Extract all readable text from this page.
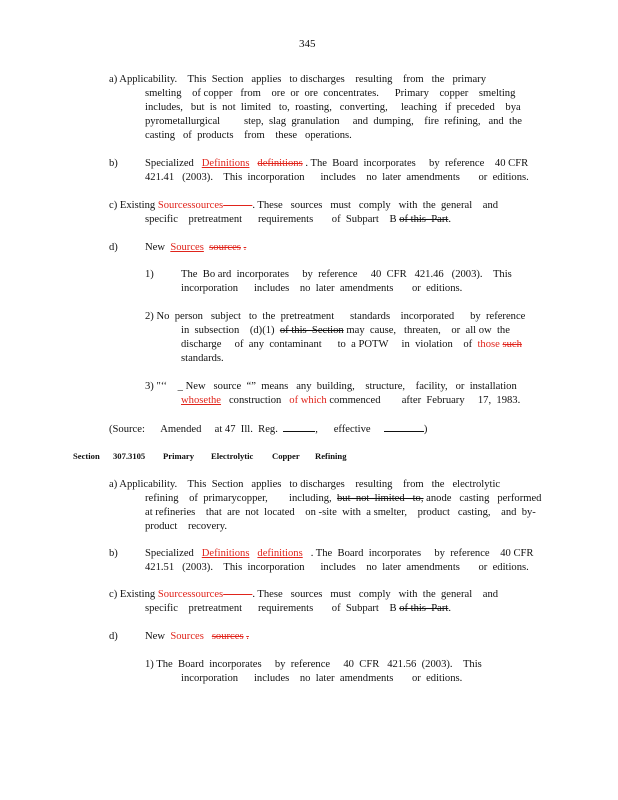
345
a) Applicability.    This  Section   applies   to discharges    resulting    from   the   primary
smelting    of copper   from    ore  or  ore  concentrates.      Primary    copper    smelting
includes,   but  is  not  limited   to,  roasting,   converting,     leaching   if  preceded    bya
pyrometallurgical         step,  slag  granulation     and  dumping,    fire  refining,   and  the
casting   of  products    from    these   operations.
b)	Specialized Definitions definitions . The  Board  incorporates     by  reference    40 CFR
421.41   (2003).    This  incorporation      includes    no  later  amendments       or  editions.
c) Existing Sourcessources	. These   sources   must   comply   with  the  general    and
specific    pretreatment      requirements       of  Subpart    B of this  Part.
d)	New Sources sources .
1)	The  Bo ard  incorporates     by  reference     40  CFR   421.46   (2003).    This
incorporation      includes    no  later  amendments       or  editions.
2) No  person   subject   to  the  pretreatment      standards    incorporated      by  reference
in  subsection    (d)(1) of this  Section may  cause,   threaten,    or  all ow  the
discharge     of  any  contaminant      to  a POTW     in  violation    of those such
standards.
3) "‘‘    _ New   source  “”  means   any  building,    structure,    facility,   or  installation
whosethe construction of which commenced        after  February     17,  1983.
(Source:      Amended     at 47  Ill.  Reg.	,      effective	)
Section 307.3105 Primary Electrolytic Copper Refining
a) Applicability.    This  Section   applies   to discharges    resulting    from   the   electrolytic
refining    of  primarycopper,        including, but  not  limited   to, anode   casting   performed
at refineries    that  are  not  located    on -site  with  a smelter,    product   casting,    and  by-
product    recovery.
b)	Specialized Definitions definitions . The  Board  incorporates     by  reference    40 CFR
421.51   (2003).    This  incorporation      includes    no  later  amendments       or  editions.
c) Existing Sourcessources	. These   sources   must   comply   with  the  general    and
specific    pretreatment      requirements       of  Subpart    B of this  Part.
d)	New Sources sources .
1) The  Board  incorporates     by  reference     40  CFR   421.56  (2003).    This
incorporation      includes    no  later  amendments       or  editions.
